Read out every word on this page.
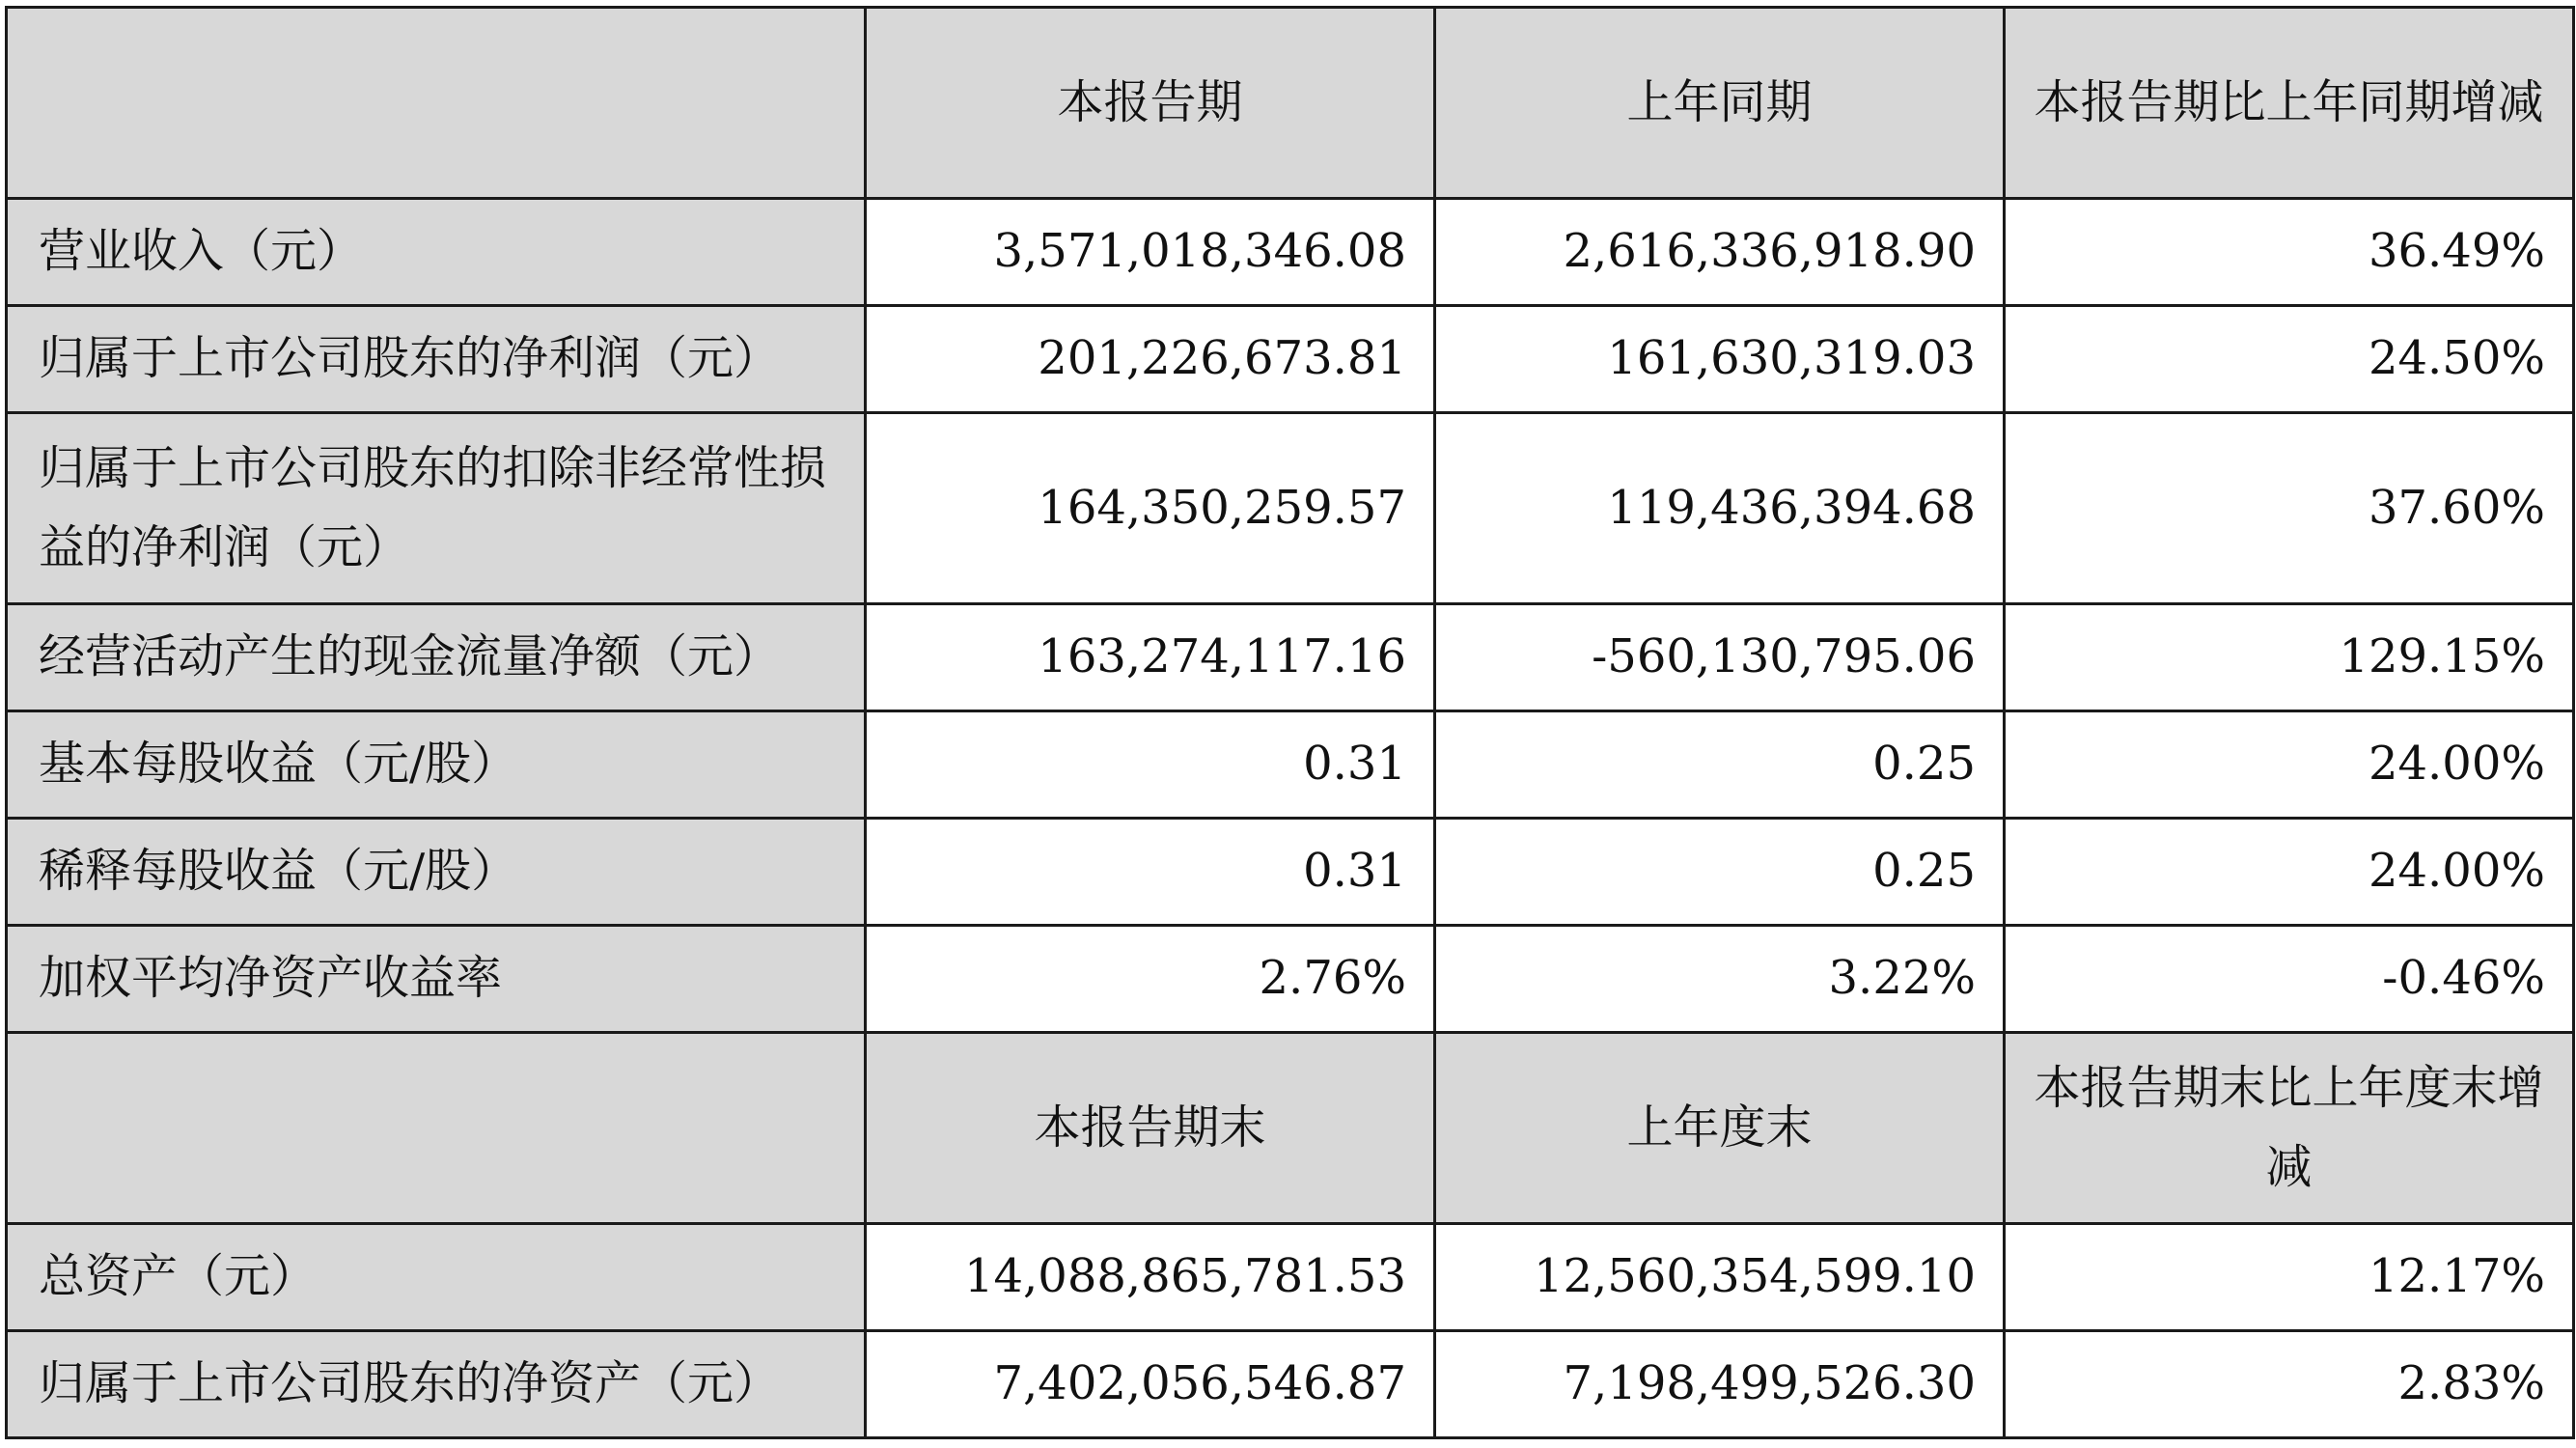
	本报告期	上年同期	本报告期比上年同期增减
营业收入（元）	3,571,018,346.08	2,616,336,918.90	36.49%
归属于上市公司股东的净利润（元）	201,226,673.81	161,630,319.03	24.50%
归属于上市公司股东的扣除非经常性损益的净利润（元）	164,350,259.57	119,436,394.68	37.60%
经营活动产生的现金流量净额（元）	163,274,117.16	-560,130,795.06	129.15%
基本每股收益（元/股）	0.31	0.25	24.00%
稀释每股收益（元/股）	0.31	0.25	24.00%
加权平均净资产收益率	2.76%	3.22%	-0.46%
	本报告期末	上年度末	本报告期末比上年度末增减
总资产（元）	14,088,865,781.53	12,560,354,599.10	12.17%
归属于上市公司股东的净资产（元）	7,402,056,546.87	7,198,499,526.30	2.83%
